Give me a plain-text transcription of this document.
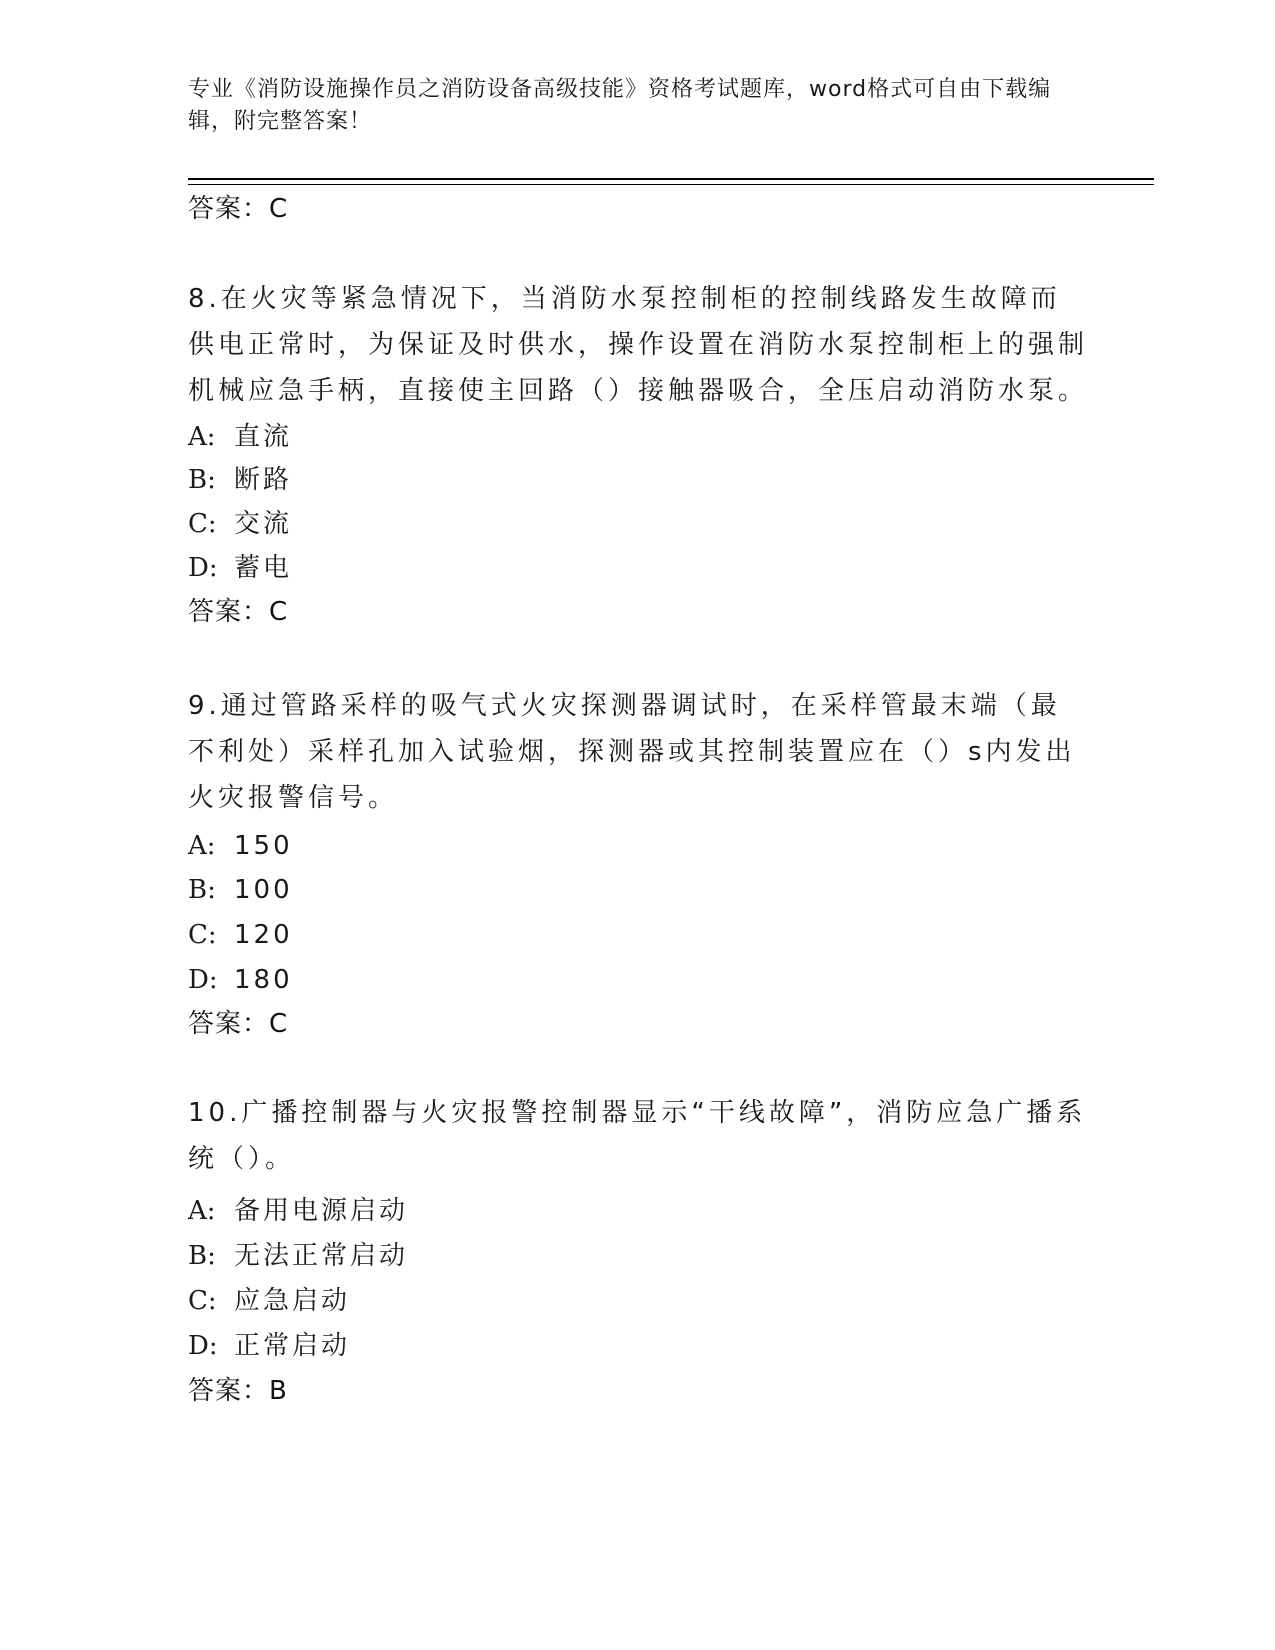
专业《消防设施操作员之消防设备高级技能》资格考试题库，word格式可自由下载编辑，附完整答案！
答案：C
8.在火灾等紧急情况下，当消防水泵控制柜的控制线路发生故障而供电正常时，为保证及时供水，操作设置在消防水泵控制柜上的强制机械应急手柄，直接使主回路（）接触器吸合，全压启动消防水泵。
A: 直流
B: 断路
C: 交流
D: 蓄电
答案：C
9.通过管路采样的吸气式火灾探测器调试时，在采样管最末端（最不利处）采样孔加入试验烟，探测器或其控制装置应在（）s内发出火灾报警信号。
A: 150
B: 100
C: 120
D: 180
答案：C
10.广播控制器与火灾报警控制器显示“干线故障”，消防应急广播系统（）。
A: 备用电源启动
B: 无法正常启动
C: 应急启动
D: 正常启动
答案：B
